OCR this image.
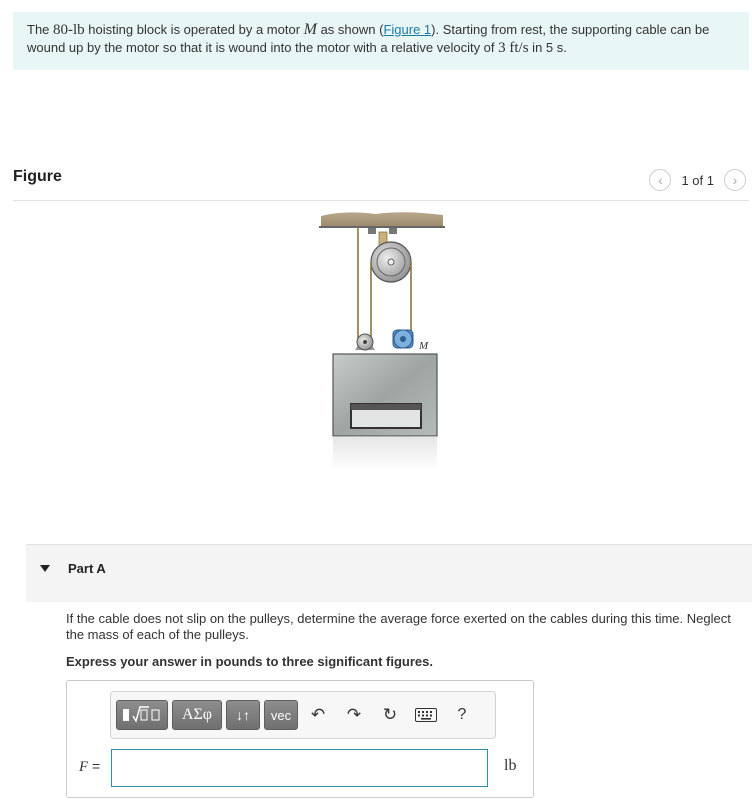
The 80-lb hoisting block is operated by a motor M as shown (Figure 1). Starting from rest, the supporting cable can be wound up by the motor so that it is wound into the motor with a relative velocity of 3 ft/s in 5 s.
Figure	‹	1 of 1	›
M
Part A
If the cable does not slip on the pulleys, determine the average force exerted on the cables during this time. Neglect the mass of each of the pulleys.
Express your answer in pounds to three significant figures.
ΑΣφ	↓↑	vec	↶	↷	↻	?
F =	lb
